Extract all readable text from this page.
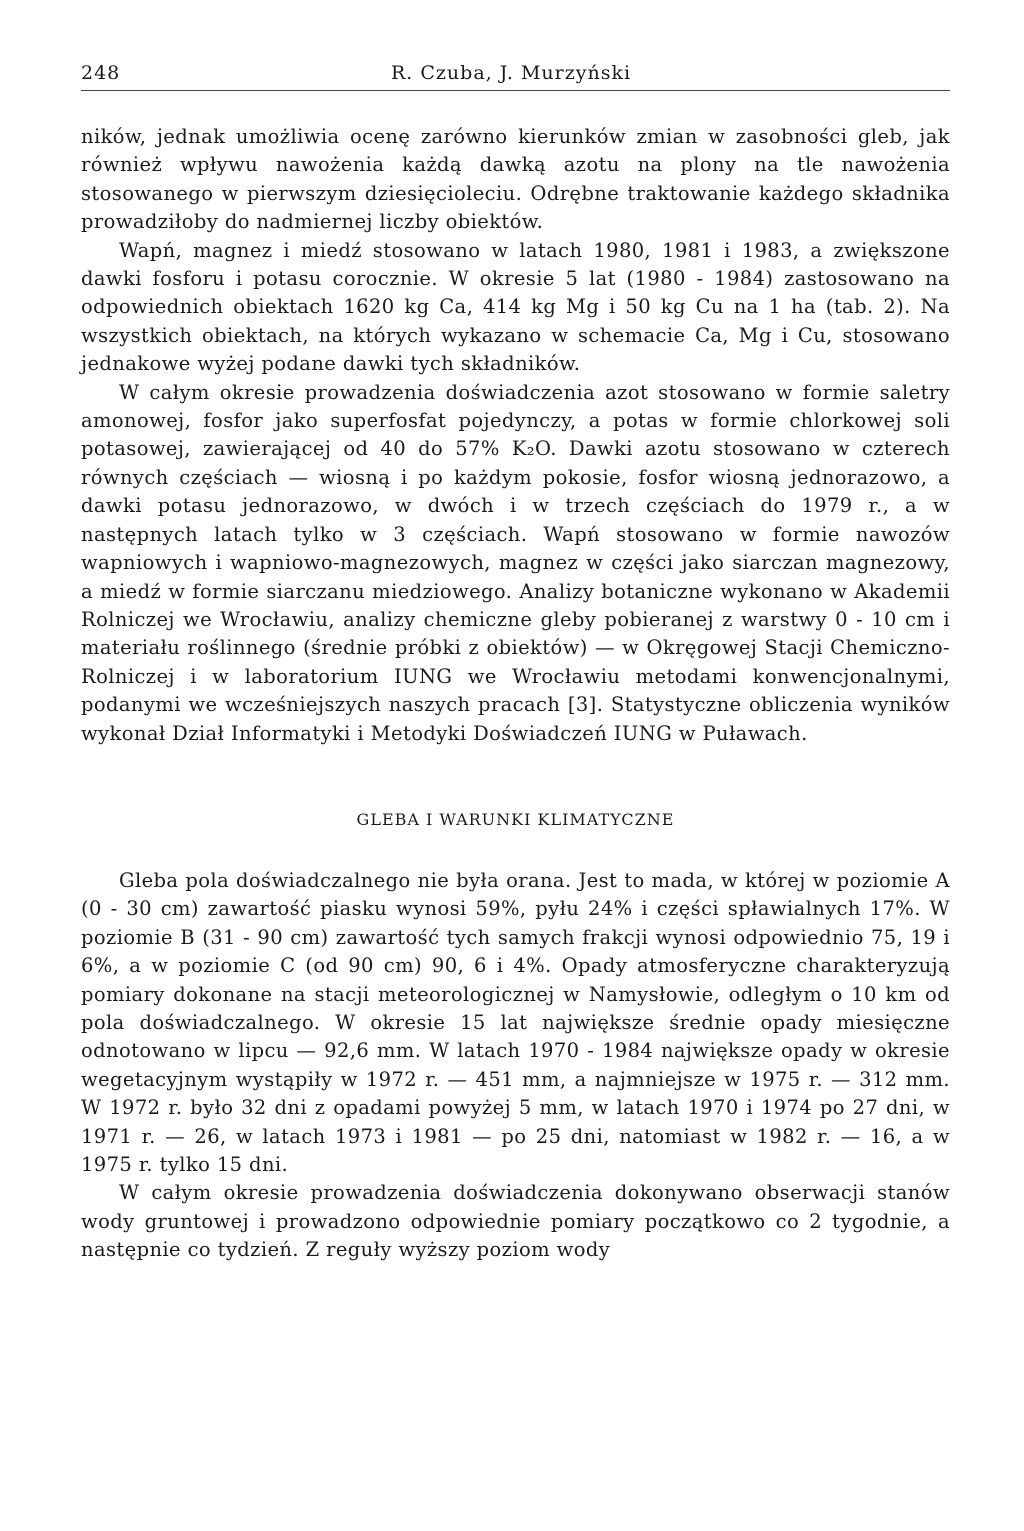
248	R. Czuba, J. Murzyński

ników, jednak umożliwia ocenę zarówno kierunków zmian w zasobności gleb, jak również wpływu nawożenia każdą dawką azotu na plony na tle nawożenia stosowanego w pierwszym dziesięcioleciu. Odrębne traktowanie każdego składnika prowadziłoby do nadmiernej liczby obiektów.

Wapń, magnez i miedź stosowano w latach 1980, 1981 i 1983, a zwiększone dawki fosforu i potasu corocznie. W okresie 5 lat (1980 - 1984) zastosowano na odpowiednich obiektach 1620 kg Ca, 414 kg Mg i 50 kg Cu na 1 ha (tab. 2). Na wszystkich obiektach, na których wykazano w schemacie Ca, Mg i Cu, stosowano jednakowe wyżej podane dawki tych składników.

W całym okresie prowadzenia doświadczenia azot stosowano w formie saletry amonowej, fosfor jako superfosfat pojedynczy, a potas w formie chlorkowej soli potasowej, zawierającej od 40 do 57% K₂O. Dawki azotu stosowano w czterech równych częściach — wiosną i po każdym pokosie, fosfor wiosną jednorazowo, a dawki potasu jednorazowo, w dwóch i w trzech częściach do 1979 r., a w następnych latach tylko w 3 częściach. Wapń stosowano w formie nawozów wapniowych i wapniowo-magnezowych, magnez w części jako siarczan magnezowy, a miedź w formie siarczanu miedziowego. Analizy botaniczne wykonano w Akademii Rolniczej we Wrocławiu, analizy chemiczne gleby pobieranej z warstwy 0 - 10 cm i materiału roślinnego (średnie próbki z obiektów) — w Okręgowej Stacji Chemiczno-Rolniczej i w laboratorium IUNG we Wrocławiu metodami konwencjonalnymi, podanymi we wcześniejszych naszych pracach [3]. Statystyczne obliczenia wyników wykonał Dział Informatyki i Metodyki Doświadczeń IUNG w Puławach.

GLEBA I WARUNKI KLIMATYCZNE

Gleba pola doświadczalnego nie była orana. Jest to mada, w której w poziomie A (0 - 30 cm) zawartość piasku wynosi 59%, pyłu 24% i części spławialnych 17%. W poziomie B (31 - 90 cm) zawartość tych samych frakcji wynosi odpowiednio 75, 19 i 6%, a w poziomie C (od 90 cm) 90, 6 i 4%. Opady atmosferyczne charakteryzują pomiary dokonane na stacji meteorologicznej w Namysłowie, odległym o 10 km od pola doświadczalnego. W okresie 15 lat największe średnie opady miesięczne odnotowano w lipcu — 92,6 mm. W latach 1970 - 1984 największe opady w okresie wegetacyjnym wystąpiły w 1972 r. — 451 mm, a najmniejsze w 1975 r. — 312 mm. W 1972 r. było 32 dni z opadami powyżej 5 mm, w latach 1970 i 1974 po 27 dni, w 1971 r. — 26, w latach 1973 i 1981 — po 25 dni, natomiast w 1982 r. — 16, a w 1975 r. tylko 15 dni.

W całym okresie prowadzenia doświadczenia dokonywano obserwacji stanów wody gruntowej i prowadzono odpowiednie pomiary początkowo co 2 tygodnie, a następnie co tydzień. Z reguły wyższy poziom wody
